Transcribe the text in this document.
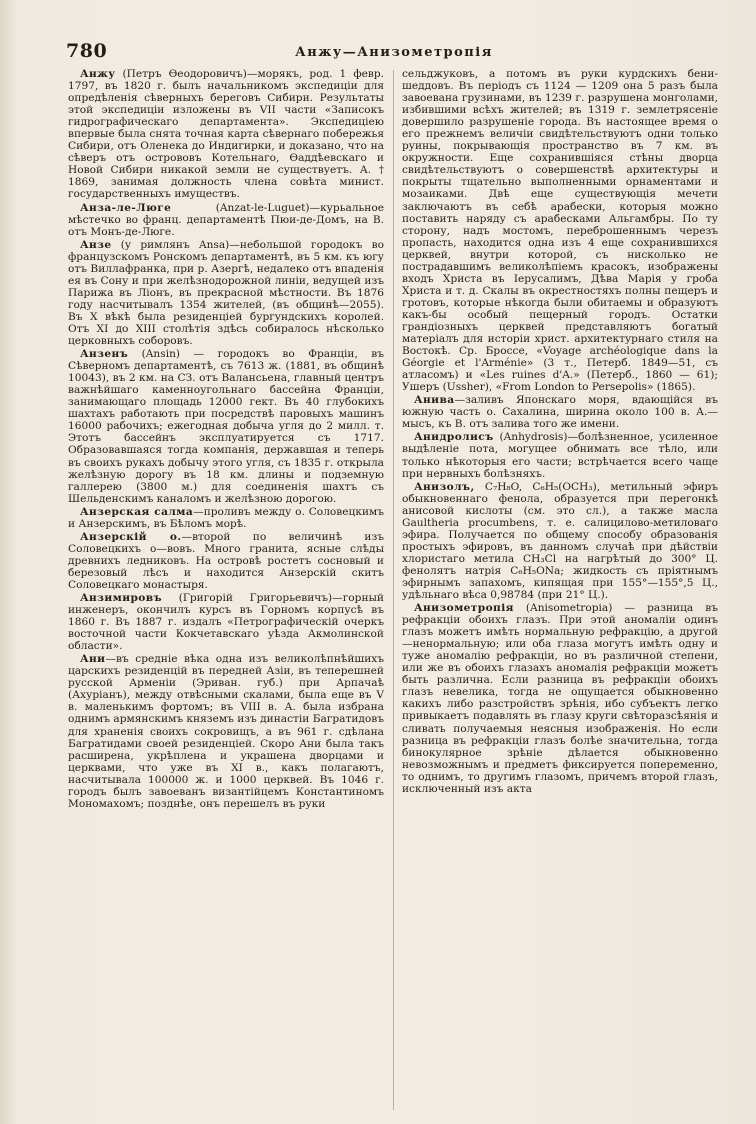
780	Анжу—Анизометропія

Анжу (Петръ Өеодоровичъ)—морякъ, род. 1 февр. 1797, въ 1820 г. былъ начальникомъ экспедиціи для опредѣленія сѣверныхъ береговъ Сибири. Результаты этой экспедиціи изложены въ VII части «Записокъ гидрографическаго департамента». Экспедиціею впервые была снята точная карта сѣвернаго побережья Сибири, отъ Оленека до Индигирки, и доказано, что на сѣверъ отъ острововъ Котельнаго, Өаддѣевскаго и Новой Сибири никакой земли не существуетъ. А. † 1869, занимая должность члена совѣта минист. государственныхъ имуществъ.

Анза-ле-Люге (Anzat-le-Luguet)—курьальное мѣстечко во франц. департаментѣ Пюи-де-Домъ, на В. отъ Монъ-де-Люге.

Анзе (у римлянъ Ansa)—небольшой городокъ во французскомъ Ронскомъ департаментѣ, въ 5 км. къ югу отъ Виллафранка, при р. Азергѣ, недалеко отъ впаденія ея въ Сону и при желѣзнодорожной линіи, ведущей изъ Парижа въ Ліонъ, въ прекрасной мѣстности. Въ 1876 году насчитывалъ 1354 жителей, (въ общинѣ—2055). Въ X вѣкѣ была резиденціей бургундскихъ королей. Отъ XI до XIII столѣтія здѣсь собиралось нѣсколько церковныхъ соборовъ.

Анзенъ (Ansin) — городокъ во Франціи, въ Сѣверномъ департаментѣ, съ 7613 ж. (1881, въ общинѣ 10043), въ 2 км. на СЗ. отъ Валансьена, главный центръ важнѣйшаго каменноугольнаго бассейна Франціи, занимающаго площадь 12000 гект. Въ 40 глубокихъ шахтахъ работають при посредствѣ паровыхъ машинъ 16000 рабочихъ; ежегодная добыча угля до 2 милл. т. Этотъ бассейнъ эксплуатируется съ 1717. Образовавшаяся тогда компанія, державшая и теперь въ своихъ рукахъ добычу этого угля, съ 1835 г. открыла желѣзную дорогу въ 18 км. длины и подземную галлерею (3800 м.) для соединенія шахтъ съ Шельденскимъ каналомъ и желѣзною дорогою.

Анзерская салма—проливъ между о. Соловецкимъ и Анзерскимъ, въ Бѣломъ морѣ.

Анзерскій о.—второй по величинѣ изъ Соловецкихъ о—вовъ. Много гранита, ясные слѣды древнихъ ледниковъ. На островѣ ростетъ сосновый и березовый лѣсъ и находится Анзерскій скитъ Соловецкаго монастыря.

Анзимировъ (Григорій Григорьевичъ)—горный инженеръ, окончилъ курсъ въ Горномъ корпусѣ въ 1860 г. Въ 1887 г. издалъ «Петрографическій очеркъ восточной части Кокчетавскаго уѣзда Акмолинской области».

Ани—въ средніе вѣка одна изъ великолѣпнѣйшихъ царскихъ резиденцій въ передней Азіи, въ теперешней русской Арменіи (Эриван. губ.) при Арпачаѣ (Ахуріанъ), между отвѣсными скалами, была еще въ V в. маленькимъ фортомъ; въ VIII в. А. была избрана однимъ армянскимъ княземъ изъ династіи Багратидовъ для храненія своихъ сокровищъ, а въ 961 г. сдѣлана Багратидами своей резиденціей. Скоро Ани была такъ расширена, укрѣплена и украшена дворцами и церквами, что уже въ XI в., какъ полагаютъ, насчитывала 100000 ж. и 1000 церквей. Въ 1046 г. городъ былъ завоеванъ византійцемъ Константиномъ Мономахомъ; позднѣе, онъ перешелъ въ руки

сельджуковъ, а потомъ въ руки курдскихъ бени-шеддовъ. Въ періодъ съ 1124 — 1209 она 5 разъ была завоевана грузинами, въ 1239 г. разрушена монголами, избившими всѣхъ жителей; въ 1319 г. землетрясеніе довершило разрушеніе города. Въ настоящее время о его прежнемъ величіи свидѣтельствуютъ одни только руины, покрывающія пространство въ 7 км. въ окружности. Еще сохранившіяся стѣны дворца свидѣтельствуютъ о совершенствѣ архитектуры и покрыты тщательно выполненными орнаментами и мозаиками. Двѣ еще существующія мечети заключаютъ въ себѣ арабески, которыя можно поставить наряду съ арабесками Альгамбры. По ту сторону, надъ мостомъ, переброшеннымъ черезъ пропасть, находится одна изъ 4 еще сохранившихся церквей, внутри которой, съ нисколько не пострадавшимъ великолѣпіемъ красокъ, изображены входъ Христа въ Іерусалимъ, Дѣва Марія у гроба Христа и т. д. Скалы въ окрестностяхъ полны пещеръ и гротовъ, которые нѣкогда были обитаемы и образуютъ какъ-бы особый пещерный городъ. Остатки грандіозныхъ церквей представляютъ богатый матеріалъ для исторіи христ. архитектурнаго стиля на Востокѣ. Ср. Броссе, «Voyage archéologique dans la Géorgie et l'Arménie» (3 т., Петерб. 1849—51, съ атласомъ) и «Les ruines d'A.» (Петерб., 1860 — 61); Ушеръ (Ussher), «From London to Persepolis» (1865).

Анива—заливъ Японскаго моря, вдающійся въ южную часть о. Сахалина, ширина около 100 в. А.—мысъ, къ В. отъ залива того же имени.

Анидролисъ (Anhydrosis)—болѣзненное, усиленное выдѣленіе пота, могущее обнимать все тѣло, или только нѣкоторыя его части; встрѣчается всего чаще при нервныхъ болѣзняхъ.

Анизолъ, C₇H₈O, C₆H₅(OCH₃), метильный эфиръ обыкновеннаго фенола, образуется при перегонкѣ анисовой кислоты (см. это сл.), а также масла Gaultheria procumbens, т. е. салицилово-метиловаго эфира. Получается по общему способу образованія простыхъ эфировъ, въ данномъ случаѣ при дѣйствіи хлористаго метила CH₃Cl на нагрѣтый до 300° Ц. фенолятъ натрія C₆H₅ONa; жидкость съ пріятнымъ эфирнымъ запахомъ, кипящая при 155°—155°,5 Ц., удѣльнаго вѣса 0,98784 (при 21° Ц.).

Анизометропія (Anisometropia) — разница въ рефракціи обоихъ глазъ. При этой аномаліи одинъ глазъ можетъ имѣть нормальную рефракцію, а другой—ненормальную; или оба глаза могутъ имѣть одну и туже аномалію рефракціи, но въ различной степени, или же въ обоихъ глазахъ аномалія рефракціи можетъ быть различна. Если разница въ рефракціи обоихъ глазъ невелика, тогда не ощущается обыкновенно какихъ либо разстройствъ зрѣнія, ибо субъектъ легко привыкаетъ подавлять въ глазу круги свѣторазсѣянія и сливать получаемыя неясныя изображенія. Но если разница въ рефракціи глазъ болѣе значительна, тогда бинокулярное зрѣніе дѣлается обыкновенно невозможнымъ и предметъ фиксируется попеременно, то однимъ, то другимъ глазомъ, причемъ второй глазъ, исключенный изъ акта
